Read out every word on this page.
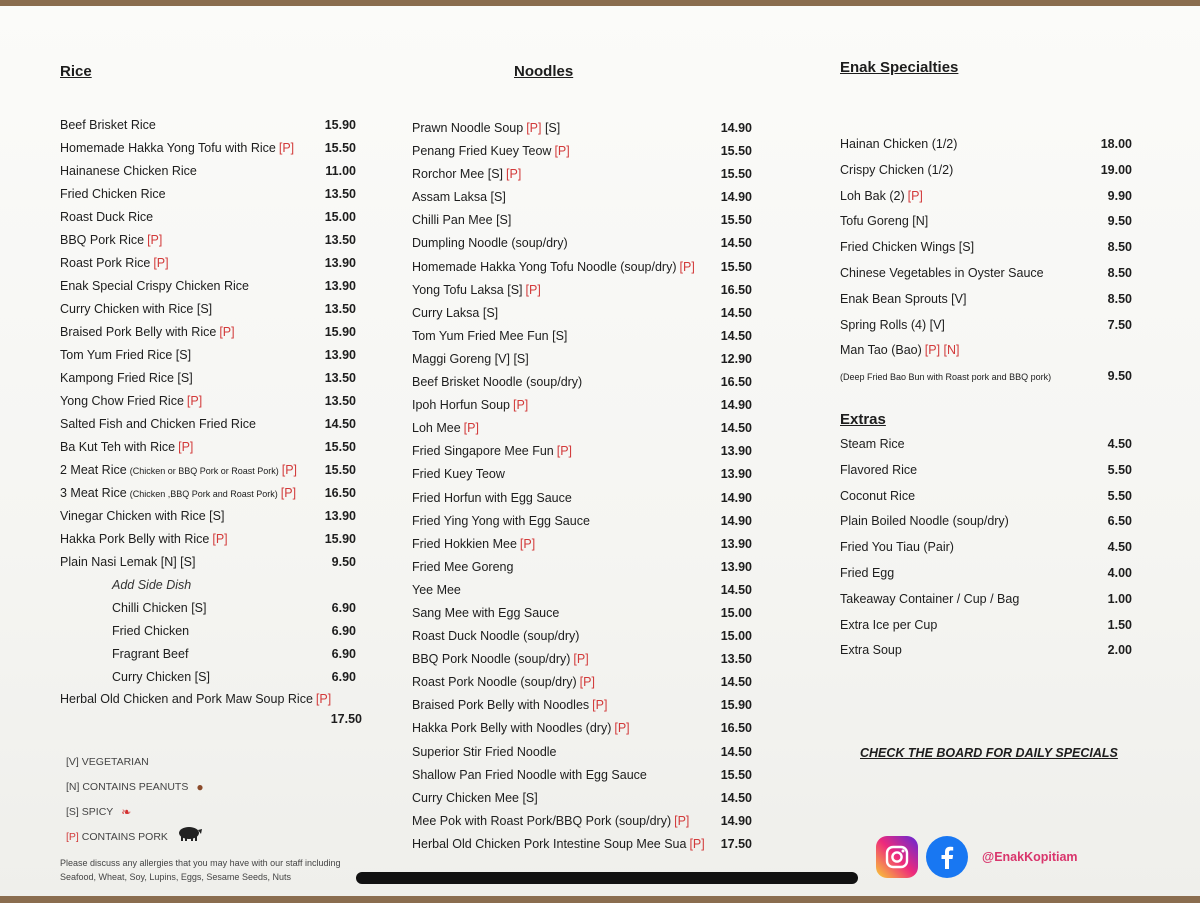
Rice
Beef Brisket Rice	15.90
Homemade Hakka Yong Tofu with Rice [P] 15.50
Hainanese Chicken Rice	11.00
Fried Chicken Rice	13.50
Roast Duck Rice	15.00
BBQ Pork Rice [P]	13.50
Roast Pork Rice [P]	13.90
Enak Special Crispy Chicken Rice	13.90
Curry Chicken with Rice [S]	13.50
Braised Pork Belly with Rice [P]	15.90
Tom Yum Fried Rice [S]	13.90
Kampong Fried Rice [S]	13.50
Yong Chow Fried Rice [P]	13.50
Salted Fish and Chicken Fried Rice	14.50
Ba Kut Teh with Rice [P]	15.50
2 Meat Rice (Chicken or BBQ Pork or Roast Pork) [P] 15.50
3 Meat Rice (Chicken ,BBQ Pork and Roast Pork) [P] 16.50
Vinegar Chicken with Rice [S]	13.90
Hakka Pork Belly with Rice [P]	15.90
Plain Nasi Lemak [N] [S]	9.50
Add Side Dish
Chilli Chicken [S]	6.90
Fried Chicken	6.90
Fragrant Beef	6.90
Curry Chicken [S]	6.90
Herbal Old Chicken and Pork Maw Soup Rice [P]
17.50
Noodles
Prawn Noodle Soup [P] [S]	14.90
Penang Fried Kuey Teow [P]	15.50
Rorchor Mee [S] [P]	15.50
Assam Laksa [S]	14.90
Chilli Pan Mee [S]	15.50
Dumpling Noodle (soup/dry)	14.50
Homemade Hakka Yong Tofu Noodle (soup/dry) [P] 15.50
Yong Tofu Laksa [S] [P]	16.50
Curry Laksa [S]	14.50
Tom Yum Fried Mee Fun [S]	14.50
Maggi Goreng [V] [S]	12.90
Beef Brisket Noodle (soup/dry)	16.50
Ipoh Horfun Soup [P]	14.90
Loh Mee [P]	14.50
Fried Singapore Mee Fun [P]	13.90
Fried Kuey Teow	13.90
Fried Horfun with Egg Sauce	14.90
Fried Ying Yong with Egg Sauce	14.90
Fried Hokkien Mee [P]	13.90
Fried Mee Goreng	13.90
Yee Mee	14.50
Sang Mee with Egg Sauce	15.00
Roast Duck Noodle (soup/dry)	15.00
BBQ Pork Noodle (soup/dry) [P]	13.50
Roast Pork Noodle (soup/dry) [P]	14.50
Braised Pork Belly with Noodles [P]	15.90
Hakka Pork Belly with Noodles (dry) [P]	16.50
Superior Stir Fried Noodle	14.50
Shallow Pan Fried Noodle with Egg Sauce	15.50
Curry Chicken Mee [S]	14.50
Mee Pok with Roast Pork/BBQ Pork (soup/dry) [P]	14.90
Herbal Old Chicken Pork Intestine Soup Mee Sua [P] 17.50
Enak Specialties
Hainan Chicken (1/2)	18.00
Crispy Chicken (1/2)	19.00
Loh Bak (2) [P]	9.90
Tofu Goreng [N]	9.50
Fried Chicken Wings [S]	8.50
Chinese Vegetables in Oyster Sauce	8.50
Enak Bean Sprouts [V]	8.50
Spring Rolls (4) [V]	7.50
Man Tao (Bao) [P] [N]
(Deep Fried Bao Bun with Roast pork and BBQ pork)	9.50
Extras
Steam Rice	4.50
Flavored Rice	5.50
Coconut Rice	5.50
Plain Boiled Noodle (soup/dry)	6.50
Fried You Tiau (Pair)	4.50
Fried Egg	4.00
Takeaway Container / Cup / Bag	1.00
Extra Ice per Cup	1.50
Extra Soup	2.00
[V]
VEGETARIAN
[N]
CONTAINS PEANUTS ●
[S]
SPICY ❧
[P]
CONTAINS PORK
Please discuss any allergies that you may have with our staff including Seafood, Wheat, Soy, Lupins, Eggs, Sesame Seeds, Nuts
CHECK THE BOARD FOR DAILY SPECIALS
@EnakKopitiam
